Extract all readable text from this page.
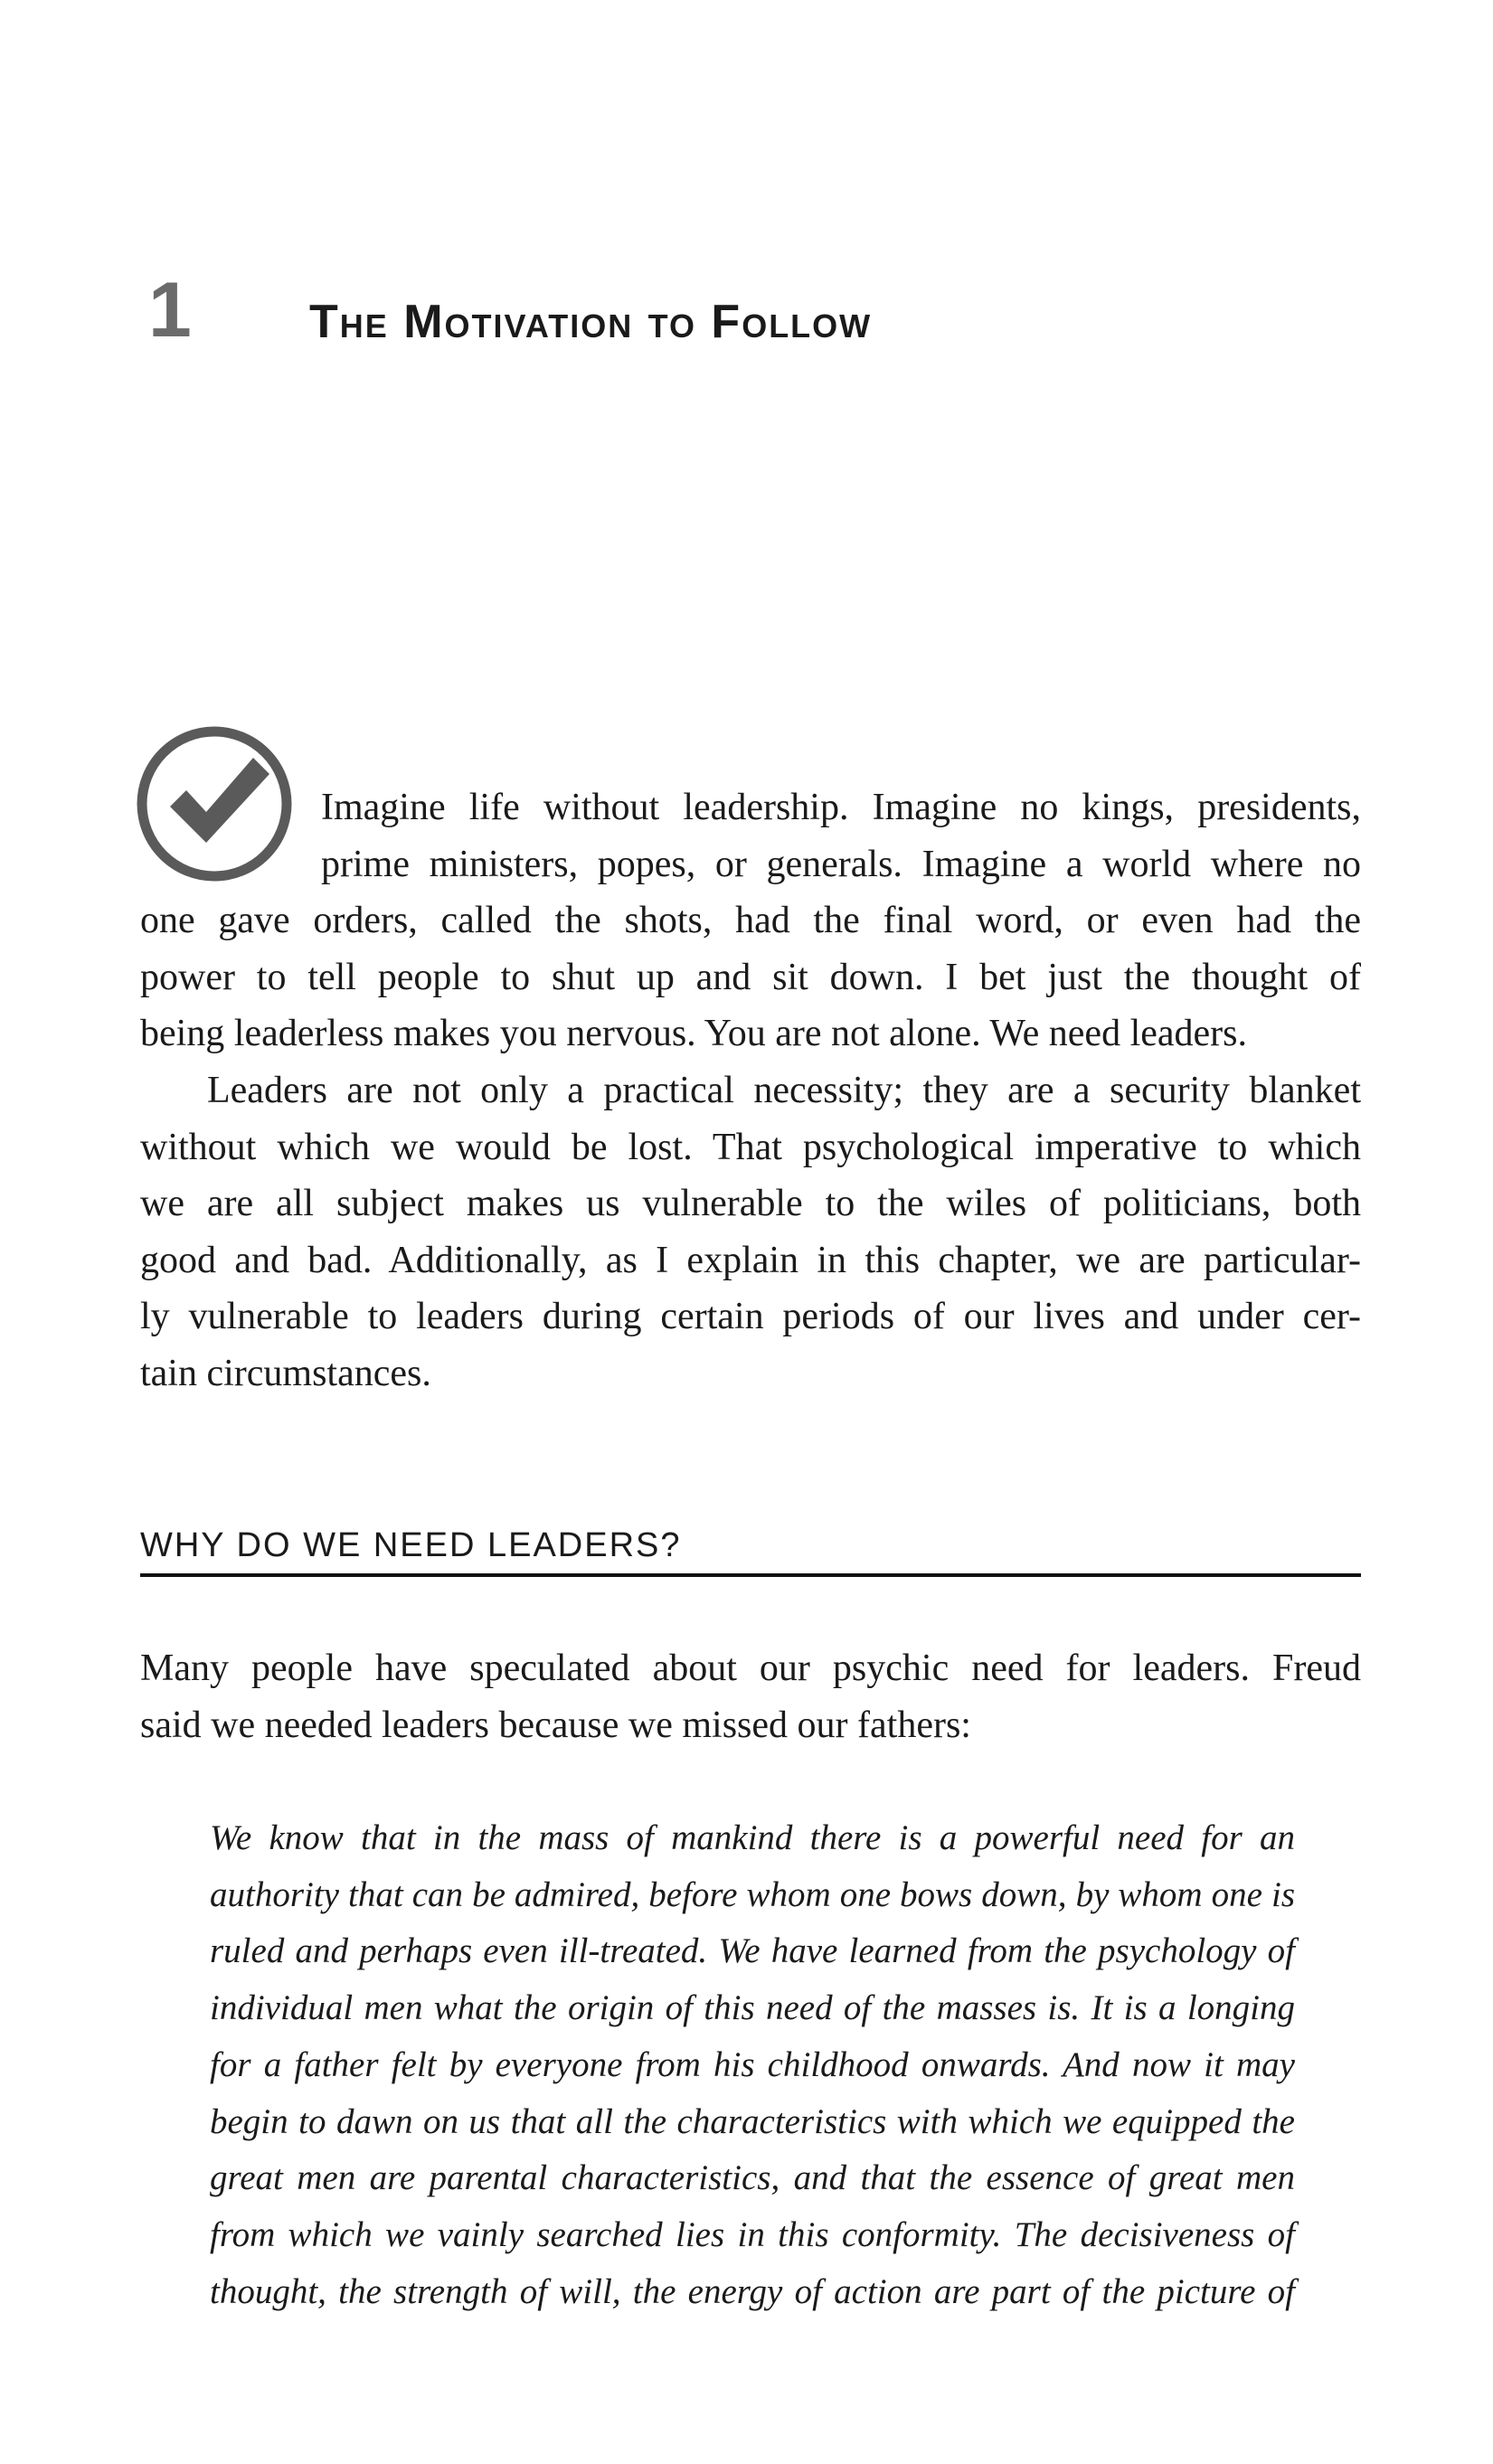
1	The Motivation to Follow
Imagine life without leadership. Imagine no kings, presidents,
prime ministers, popes, or generals. Imagine a world where no
one gave orders, called the shots, had the final word, or even had the
power to tell people to shut up and sit down. I bet just the thought of
being leaderless makes you nervous. You are not alone. We need leaders.
Leaders are not only a practical necessity; they are a security blanket
without which we would be lost. That psychological imperative to which
we are all subject makes us vulnerable to the wiles of politicians, both
good and bad. Additionally, as I explain in this chapter, we are particular-
ly vulnerable to leaders during certain periods of our lives and under cer-
tain circumstances.
WHY DO WE NEED LEADERS?
Many people have speculated about our psychic need for leaders. Freud
said we needed leaders because we missed our fathers:
We know that in the mass of mankind there is a powerful need for an
authority that can be admired, before whom one bows down, by whom one is
ruled and perhaps even ill-treated. We have learned from the psychology of
individual men what the origin of this need of the masses is. It is a longing
for a father felt by everyone from his childhood onwards. And now it may
begin to dawn on us that all the characteristics with which we equipped the
great men are parental characteristics, and that the essence of great men
from which we vainly searched lies in this conformity. The decisiveness of
thought, the strength of will, the energy of action are part of the picture of
